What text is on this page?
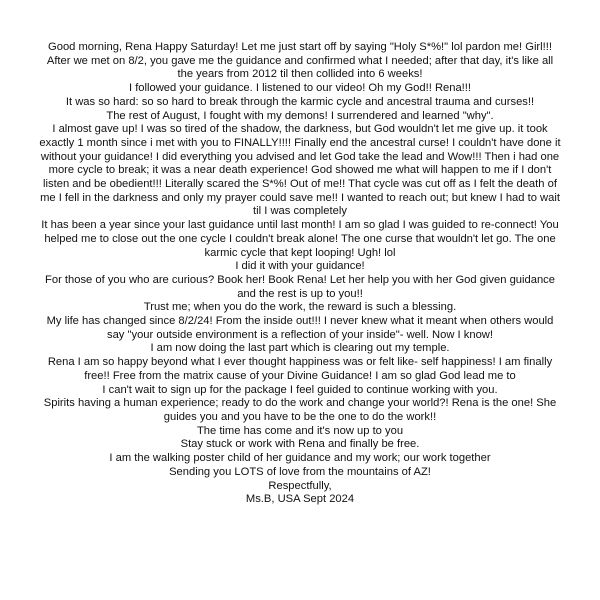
Good morning, Rena Happy Saturday! Let me just start off by saying "Holy S*%!" lol pardon me! Girl!!!
After we met on 8/2, you gave me the guidance and confirmed what I needed; after that day, it's like all the years from 2012 til then collided into 6 weeks!
I followed your guidance. I listened to our video! Oh my God!! Rena!!!
It was so hard: so so hard to break through the karmic cycle and ancestral trauma and curses!!
The rest of August, I fought with my demons! I surrendered and learned "why".
I almost gave up! I was so tired of the shadow, the darkness, but God wouldn't let me give up. it took exactly 1 month since i met with you to FINALLY!!!! Finally end the ancestral curse! I couldn't have done it without your guidance! I did everything you advised and let God take the lead and Wow!!! Then i had one more cycle to break; it was a near death experience! God showed me what will happen to me if I don't listen and be obedient!!! Literally scared the S*%! Out of me!! That cycle was cut off as I felt the death of me I fell in the darkness and only my prayer could save me!! I wanted to reach out; but knew I had to wait til I was completely
It has been a year since your last guidance until last month! I am so glad I was guided to re-connect! You helped me to close out the one cycle I couldn't break alone! The one curse that wouldn't let go. The one karmic cycle that kept looping! Ugh! lol
I did it with your guidance!
For those of you who are curious? Book her! Book Rena! Let her help you with her God given guidance and the rest is up to you!!
Trust me; when you do the work, the reward is such a blessing.
My life has changed since 8/2/24! From the inside out!!! I never knew what it meant when others would say "your outside environment is a reflection of your inside"- well. Now I know!
I am now doing the last part which is clearing out my temple.
Rena I am so happy beyond what I ever thought happiness was or felt like- self happiness! I am finally free!! Free from the matrix cause of your Divine Guidance! I am so glad God lead me to
I can't wait to sign up for the package I feel guided to continue working with you.
Spirits having a human experience; ready to do the work and change your world?! Rena is the one! She guides you and you have to be the one to do the work!!
The time has come and it's now up to you
Stay stuck or work with Rena and finally be free.
I am the walking poster child of her guidance and my work; our work together
Sending you LOTS of love from the mountains of AZ!
Respectfully,
Ms.B, USA Sept 2024
